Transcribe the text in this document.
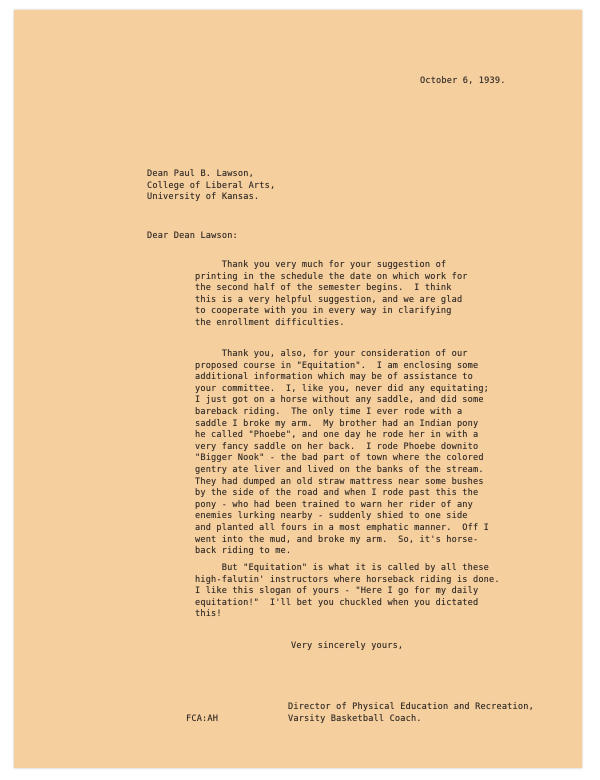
October 6, 1939.
Dean Paul B. Lawson,
College of Liberal Arts,
University of Kansas.
Dear Dean Lawson:
Thank you very much for your suggestion of
printing in the schedule the date on which work for
the second half of the semester begins.  I think
this is a very helpful suggestion, and we are glad
to cooperate with you in every way in clarifying
the enrollment difficulties.
Thank you, also, for your consideration of our
proposed course in "Equitation".  I am enclosing some
additional information which may be of assistance to
your committee.  I, like you, never did any equitating;
I just got on a horse without any saddle, and did some
bareback riding.  The only time I ever rode with a
saddle I broke my arm.  My brother had an Indian pony
he called "Phoebe", and one day he rode her in with a
very fancy saddle on her back.  I rode Phoebe downito
"Bigger Nook" - the bad part of town where the colored
gentry ate liver and lived on the banks of the stream.
They had dumped an old straw mattress near some bushes
by the side of the road and when I rode past this the
pony - who had been trained to warn her rider of any
enemies lurking nearby - suddenly shied to one side
and planted all fours in a most emphatic manner.  Off I
went into the mud, and broke my arm.  So, it's horse-
back riding to me.
But "Equitation" is what it is called by all these
high-falutin' instructors where horseback riding is done.
I like this slogan of yours - "Here I go for my daily
equitation!"  I'll bet you chuckled when you dictated
this!
Very sincerely yours,
Director of Physical Education and Recreation,
Varsity Basketball Coach.
FCA:AH
